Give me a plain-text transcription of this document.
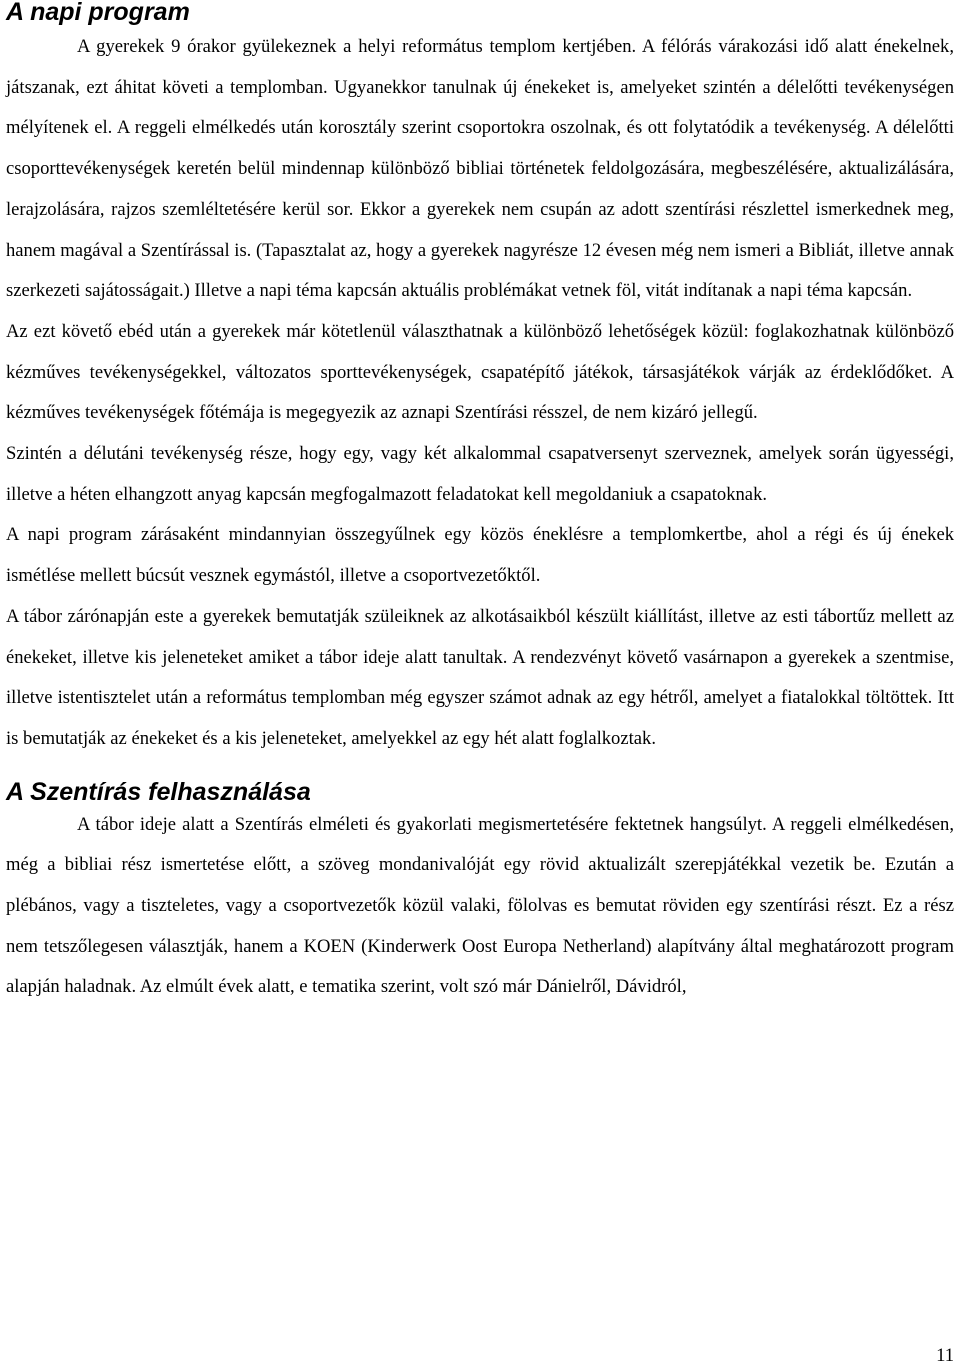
A napi program

A gyerekek 9 órakor gyülekeznek a helyi református templom kertjében. A félórás várakozási idő alatt énekelnek, játszanak, ezt áhitat követi a templomban. Ugyanekkor tanulnak új énekeket is, amelyeket szintén a délelőtti tevékenységen mélyítenek el. A reggeli elmélkedés után korosztály szerint csoportokra oszolnak, és ott folytatódik a tevékenység. A délelőtti csoporttevékenységek keretén belül mindennap különböző bibliai történetek feldolgozására, megbeszélésére, aktualizálására, lerajzolására, rajzos szemléltetésére kerül sor. Ekkor a gyerekek nem csupán az adott szentírási részlettel ismerkednek meg, hanem magával a Szentírással is. (Tapasztalat az, hogy a gyerekek nagyrésze 12 évesen még nem ismeri a Bibliát, illetve annak szerkezeti sajátosságait.) Illetve a napi téma kapcsán aktuális problémákat vetnek föl, vitát indítanak a napi téma kapcsán.

Az ezt követő ebéd után a gyerekek már kötetlenül választhatnak a különböző lehetőségek közül: foglakozhatnak különböző kézműves tevékenységekkel, változatos sporttevékenységek, csapatépítő játékok, társasjátékok várják az érdeklődőket. A kézműves tevékenységek főtémája is megegyezik az aznapi Szentírási résszel, de nem kizáró jellegű.

Szintén a délutáni tevékenység része, hogy egy, vagy két alkalommal csapatversenyt szerveznek, amelyek során ügyességi, illetve a héten elhangzott anyag kapcsán megfogalmazott feladatokat kell megoldaniuk a csapatoknak.

A napi program zárásaként mindannyian összegyűlnek egy közös éneklésre a templomkertbe, ahol a régi és új énekek ismétlése mellett búcsút vesznek egymástól, illetve a csoportvezetőktől.

A tábor zárónapján este a gyerekek bemutatják szüleiknek az alkotásaikból készült kiállítást, illetve az esti tábortűz mellett az énekeket, illetve kis jeleneteket amiket a tábor ideje alatt tanultak. A rendezvényt követő vasárnapon a gyerekek a szentmise, illetve istentisztelet után a református templomban még egyszer számot adnak az egy hétről, amelyet a fiatalokkal töltöttek. Itt is bemutatják az énekeket és a kis jeleneteket, amelyekkel az egy hét alatt foglalkoztak.

A Szentírás felhasználása

A tábor ideje alatt a Szentírás elméleti és gyakorlati megismertetésére fektetnek hangsúlyt. A reggeli elmélkedésen, még a bibliai rész ismertetése előtt, a szöveg mondanivalóját egy rövid aktualizált szerepjátékkal vezetik be. Ezután a plébános, vagy a tiszteletes, vagy a csoportvezetők közül valaki, fölolvas es bemutat röviden egy szentírási részt. Ez a rész nem tetszőlegesen választják, hanem a KOEN (Kinderwerk Oost Europa Netherland) alapítvány által meghatározott program alapján haladnak. Az elmúlt évek alatt, e tematika szerint, volt szó már Dánielről, Dávidról,

11
